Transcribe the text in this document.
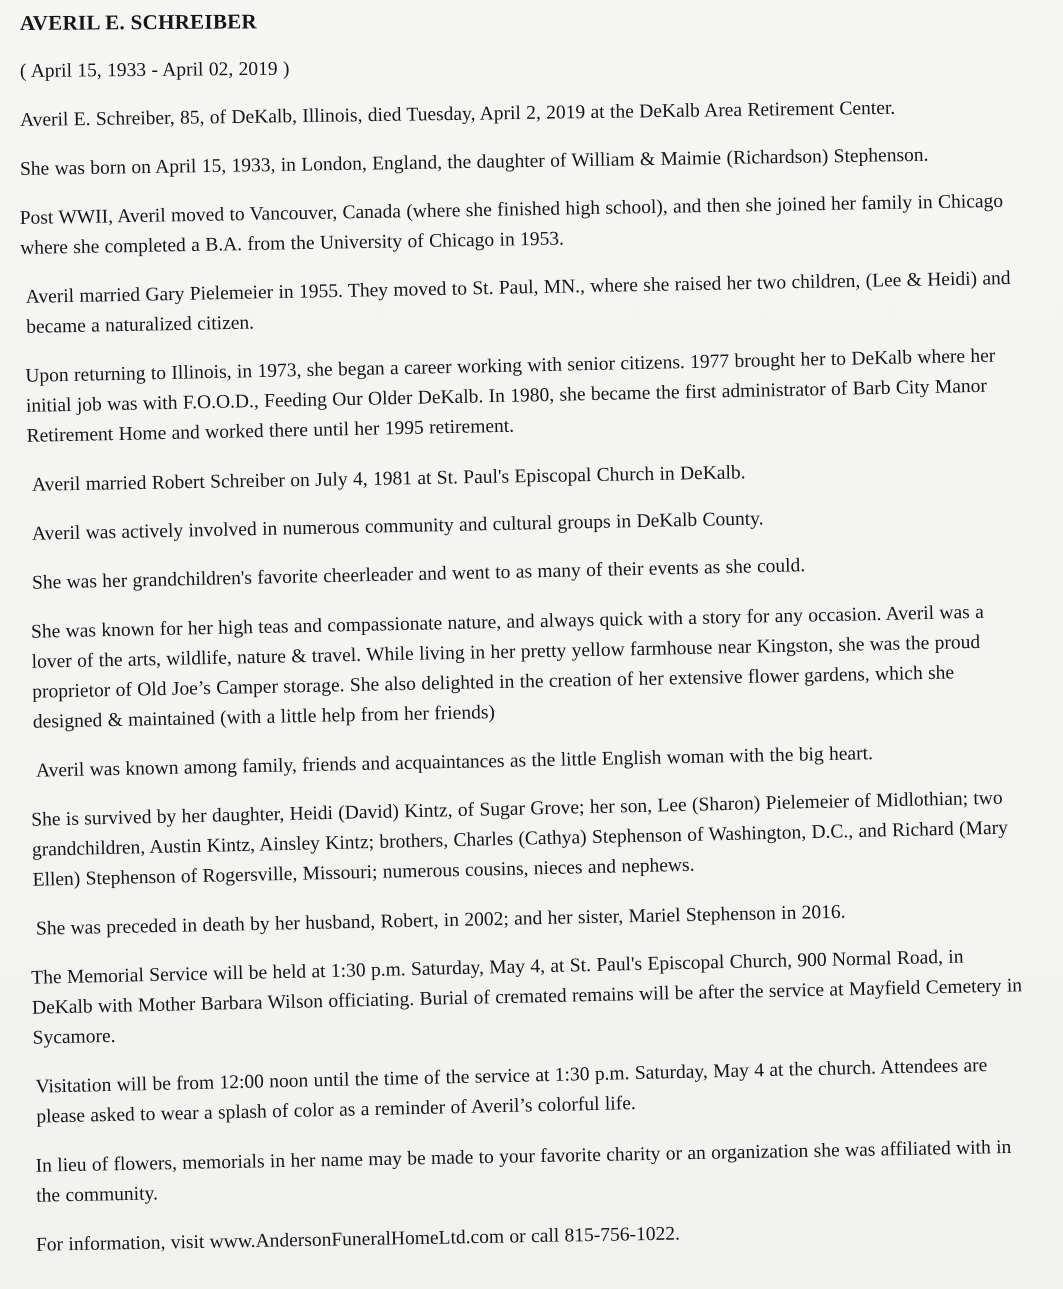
AVERIL E. SCHREIBER

( April 15, 1933 - April 02, 2019 )

Averil E. Schreiber, 85, of DeKalb, Illinois, died Tuesday, April 2, 2019 at the DeKalb Area Retirement Center.

She was born on April 15, 1933, in London, England, the daughter of William & Maimie (Richardson) Stephenson.

Post WWII, Averil moved to Vancouver, Canada (where she finished high school), and then she joined her family in Chicago where she completed a B.A. from the University of Chicago in 1953.

Averil married Gary Pielemeier in 1955. They moved to St. Paul, MN., where she raised her two children, (Lee & Heidi) and became a naturalized citizen.

Upon returning to Illinois, in 1973, she began a career working with senior citizens. 1977 brought her to DeKalb where her initial job was with F.O.O.D., Feeding Our Older DeKalb. In 1980, she became the first administrator of Barb City Manor Retirement Home and worked there until her 1995 retirement.

Averil married Robert Schreiber on July 4, 1981 at St. Paul's Episcopal Church in DeKalb.

Averil was actively involved in numerous community and cultural groups in DeKalb County.

She was her grandchildren's favorite cheerleader and went to as many of their events as she could.

She was known for her high teas and compassionate nature, and always quick with a story for any occasion. Averil was a lover of the arts, wildlife, nature & travel. While living in her pretty yellow farmhouse near Kingston, she was the proud proprietor of Old Joe’s Camper storage. She also delighted in the creation of her extensive flower gardens, which she designed & maintained (with a little help from her friends)

Averil was known among family, friends and acquaintances as the little English woman with the big heart.

She is survived by her daughter, Heidi (David) Kintz, of Sugar Grove; her son, Lee (Sharon) Pielemeier of Midlothian; two grandchildren, Austin Kintz, Ainsley Kintz; brothers, Charles (Cathya) Stephenson of Washington, D.C., and Richard (Mary Ellen) Stephenson of Rogersville, Missouri; numerous cousins, nieces and nephews.

She was preceded in death by her husband, Robert, in 2002; and her sister, Mariel Stephenson in 2016.

The Memorial Service will be held at 1:30 p.m. Saturday, May 4, at St. Paul's Episcopal Church, 900 Normal Road, in DeKalb with Mother Barbara Wilson officiating. Burial of cremated remains will be after the service at Mayfield Cemetery in Sycamore.

Visitation will be from 12:00 noon until the time of the service at 1:30 p.m. Saturday, May 4 at the church. Attendees are please asked to wear a splash of color as a reminder of Averil’s colorful life.

In lieu of flowers, memorials in her name may be made to your favorite charity or an organization she was affiliated with in the community.

For information, visit www.AndersonFuneralHomeLtd.com or call 815-756-1022.
